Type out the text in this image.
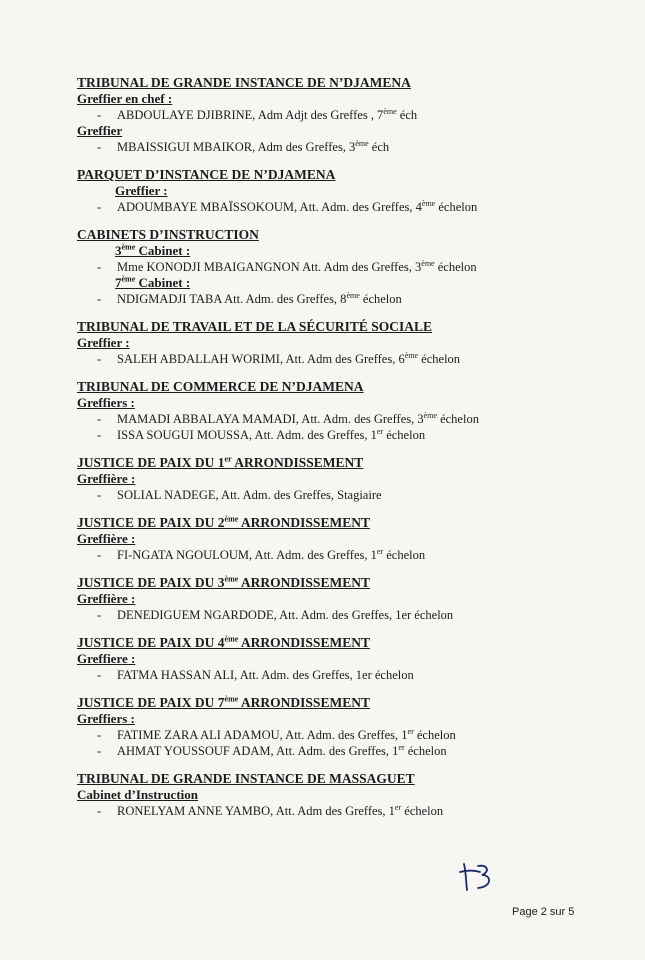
TRIBUNAL DE GRANDE INSTANCE DE N’DJAMENA
Greffier en chef :
- ABDOULAYE DJIBRINE, Adm Adjt des Greffes , 7ème éch
Greffier
- MBAISSIGUI MBAIKOR, Adm des Greffes, 3ème éch
PARQUET D’INSTANCE DE N’DJAMENA
Greffier :
- ADOUMBAYE MBAÏSSOKOUM, Att. Adm. des Greffes, 4ème échelon
CABINETS D’INSTRUCTION
3ème Cabinet :
- Mme KONODJI MBAIGANGNON Att. Adm des Greffes, 3ème échelon
7ème Cabinet :
- NDIGMADJI TABA Att. Adm. des Greffes, 8ème échelon
TRIBUNAL DE TRAVAIL ET DE LA SÉCURITÉ SOCIALE
Greffier :
- SALEH ABDALLAH WORIMI, Att. Adm des Greffes, 6ème échelon
TRIBUNAL DE COMMERCE DE N’DJAMENA
Greffiers :
- MAMADI ABBALAYA MAMADI, Att. Adm. des Greffes, 3ème échelon
- ISSA SOUGUI MOUSSA, Att. Adm. des Greffes, 1er échelon
JUSTICE DE PAIX DU 1er ARRONDISSEMENT
Greffière :
- SOLIAL NADEGE, Att. Adm. des Greffes, Stagiaire
JUSTICE DE PAIX DU 2ème ARRONDISSEMENT
Greffière :
- FI-NGATA NGOULOUM, Att. Adm. des Greffes, 1er échelon
JUSTICE DE PAIX DU 3ème ARRONDISSEMENT
Greffière :
- DENEDIGUEM NGARDODE, Att. Adm. des Greffes, 1er échelon
JUSTICE DE PAIX DU 4ème ARRONDISSEMENT
Greffiere :
- FATMA HASSAN ALI, Att. Adm. des Greffes, 1er échelon
JUSTICE DE PAIX DU 7ème ARRONDISSEMENT
Greffiers :
- FATIME ZARA ALI ADAMOU, Att. Adm. des Greffes, 1er échelon
- AHMAT YOUSSOUF ADAM, Att. Adm. des Greffes, 1er échelon
TRIBUNAL DE GRANDE INSTANCE DE MASSAGUET
Cabinet d’Instruction
- RONELYAM ANNE YAMBO, Att. Adm des Greffes, 1er échelon
Page 2 sur 5
